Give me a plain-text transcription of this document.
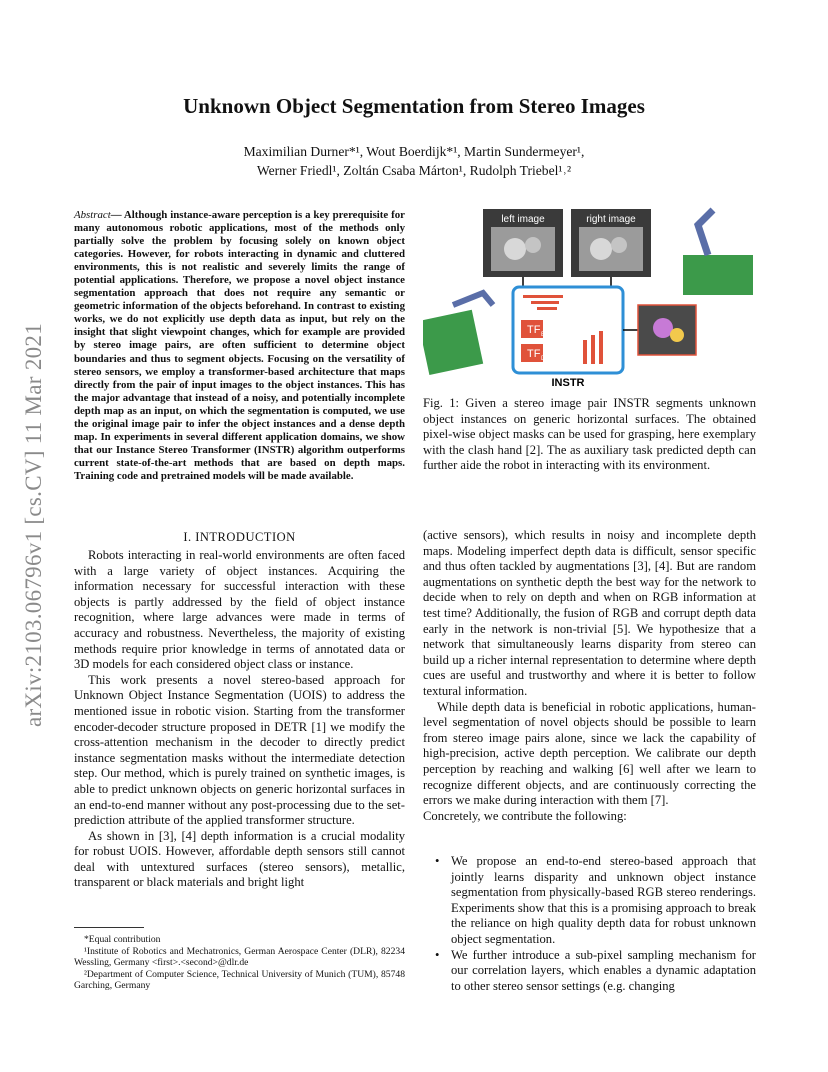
Unknown Object Segmentation from Stereo Images
Maximilian Durner*¹, Wout Boerdijk*¹, Martin Sundermeyer¹,
Werner Friedl¹, Zoltán Csaba Márton¹, Rudolph Triebel¹˒²
arXiv:2103.06796v1 [cs.CV] 11 Mar 2021
Abstract— Although instance-aware perception is a key prerequisite for many autonomous robotic applications, most of the methods only partially solve the problem by focusing solely on known object categories. However, for robots interacting in dynamic and cluttered environments, this is not realistic and severely limits the range of potential applications. Therefore, we propose a novel object instance segmentation approach that does not require any semantic or geometric information of the objects beforehand. In contrast to existing works, we do not explicitly use depth data as input, but rely on the insight that slight viewpoint changes, which for example are provided by stereo image pairs, are often sufficient to determine object boundaries and thus to segment objects. Focusing on the versatility of stereo sensors, we employ a transformer-based architecture that maps directly from the pair of input images to the object instances. This has the major advantage that instead of a noisy, and potentially incomplete depth map as an input, on which the segmentation is computed, we use the original image pair to infer the object instances and a dense depth map. In experiments in several different application domains, we show that our Instance Stereo Transformer (INSTR) algorithm outperforms current state-of-the-art methods that are based on depth maps. Training code and pretrained models will be made available.
left image	right image
TF Enc
TF Dec
INSTR
Fig. 1: Given a stereo image pair INSTR segments unknown object instances on generic horizontal surfaces. The obtained pixel-wise object masks can be used for grasping, here exemplary with the clash hand [2]. The as auxiliary task predicted depth can further aide the robot in interacting with its environment.
I. INTRODUCTION

Robots interacting in real-world environments are often faced with a large variety of object instances. Acquiring the information necessary for successful interaction with these objects is partly addressed by the field of object instance recognition, where large advances were made in terms of accuracy and robustness. Nevertheless, the majority of existing methods require prior knowledge in terms of annotated data or 3D models for each considered object class or instance.

This work presents a novel stereo-based approach for Unknown Object Instance Segmentation (UOIS) to address the mentioned issue in robotic vision. Starting from the transformer encoder-decoder structure proposed in DETR [1] we modify the cross-attention mechanism in the decoder to directly predict instance segmentation masks without the intermediate detection step. Our method, which is purely trained on synthetic images, is able to predict unknown objects on generic horizontal surfaces in an end-to-end manner without any post-processing due to the set-prediction attribute of the applied transformer structure.

As shown in [3], [4] depth information is a crucial modality for robust UOIS. However, affordable depth sensors still cannot deal with untextured surfaces (stereo sensors), metallic, transparent or black materials and bright light

(active sensors), which results in noisy and incomplete depth maps. Modeling imperfect depth data is difficult, sensor specific and thus often tackled by augmentations [3], [4]. But are random augmentations on synthetic depth the best way for the network to decide when to rely on depth and when on RGB information at test time? Additionally, the fusion of RGB and corrupt depth data early in the network is non-trivial [5]. We hypothesize that a network that simultaneously learns disparity from stereo can build up a richer internal representation to determine where depth cues are useful and trustworthy and where it is better to follow textural information.

While depth data is beneficial in robotic applications, human-level segmentation of novel objects should be possible to learn from stereo image pairs alone, since we lack the capability of high-precision, active depth perception. We calibrate our depth perception by reaching and walking [6] well after we learn to recognize different objects, and are continuously correcting the errors we make during interaction with them [7].

Concretely, we contribute the following:

• We propose an end-to-end stereo-based approach that jointly learns disparity and unknown object instance segmentation from physically-based RGB stereo renderings. Experiments show that this is a promising approach to break the reliance on high quality depth data for robust unknown object segmentation.
• We further introduce a sub-pixel sampling mechanism for our correlation layers, which enables a dynamic adaptation to other stereo sensor settings (e.g. changing
*Equal contribution
¹Institute of Robotics and Mechatronics, German Aerospace Center (DLR), 82234 Wessling, Germany <first>.<second>@dlr.de
²Department of Computer Science, Technical University of Munich (TUM), 85748 Garching, Germany
